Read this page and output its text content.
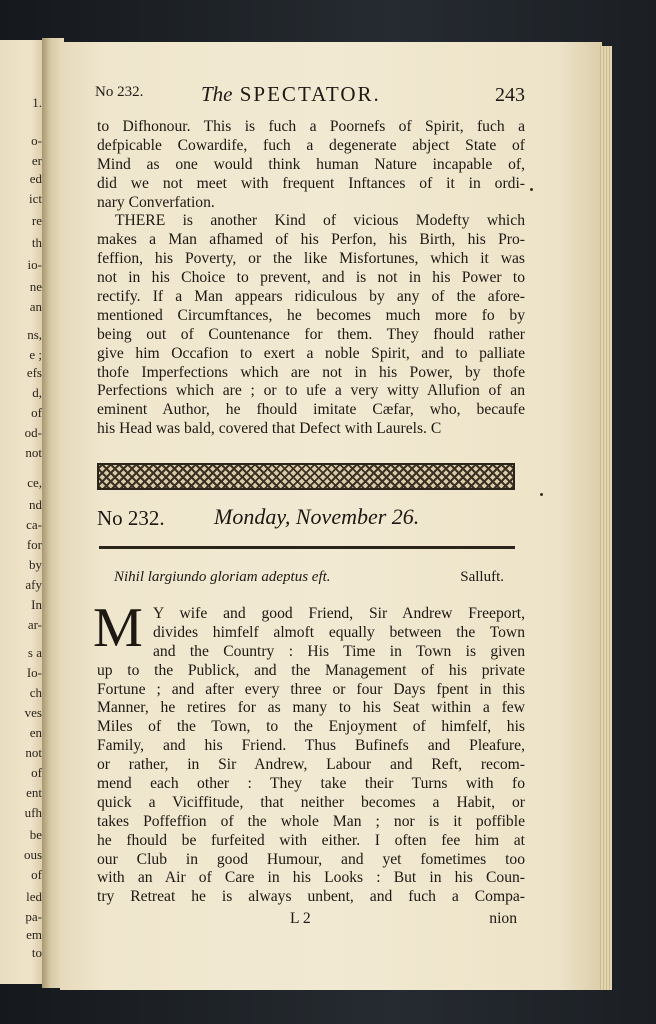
1.
o-
er
ed
ict
re
th
io-
ne
an
ns,
e ;
efs
d,
of
od-
not
ce,
nd
ca-
for
by
afy
In
ar-
s a
Io-
ch
ves
en
not
of
ent
ufh
be
ous
of
led
pa-
em
to
No 232.	The SPECTATOR.	243
to Difhonour. This is fuch a Poornefs of Spirit, fuch a
defpicable Cowardife, fuch a degenerate abject State of
Mind as one would think human Nature incapable of,
did we not meet with frequent Inftances of it in ordi-
nary Converfation.
THERE is another Kind of vicious Modefty which
makes a Man afhamed of his Perfon, his Birth, his Pro-
feffion, his Poverty, or the like Misfortunes, which it was
not in his Choice to prevent, and is not in his Power to
rectify. If a Man appears ridiculous by any of the afore-
mentioned Circumftances, he becomes much more fo by
being out of Countenance for them. They fhould rather
give him Occafion to exert a noble Spirit, and to palliate
thofe Imperfections which are not in his Power, by thofe
Perfections which are ; or to ufe a very witty Allufion of an
eminent Author, he fhould imitate Cæfar, who, becaufe
his Head was bald, covered that Defect with Laurels. C
No 232. Monday, November 26.
Nihil largiundo gloriam adeptus eft.	Salluft.
M Y wife and good Friend, Sir Andrew Freeport,
divides himfelf almoft equally between the Town
and the Country : His Time in Town is given
up to the Publick, and the Management of his private
Fortune ; and after every three or four Days fpent in this
Manner, he retires for as many to his Seat within a few
Miles of the Town, to the Enjoyment of himfelf, his
Family, and his Friend. Thus Bufinefs and Pleafure,
or rather, in Sir Andrew, Labour and Reft, recom-
mend each other : They take their Turns with fo
quick a Viciffitude, that neither becomes a Habit, or
takes Poffeffion of the whole Man ; nor is it poffible
he fhould be furfeited with either. I often fee him at
our Club in good Humour, and yet fometimes too
with an Air of Care in his Looks : But in his Coun-
try Retreat he is always unbent, and fuch a Compa-
L 2	nion
